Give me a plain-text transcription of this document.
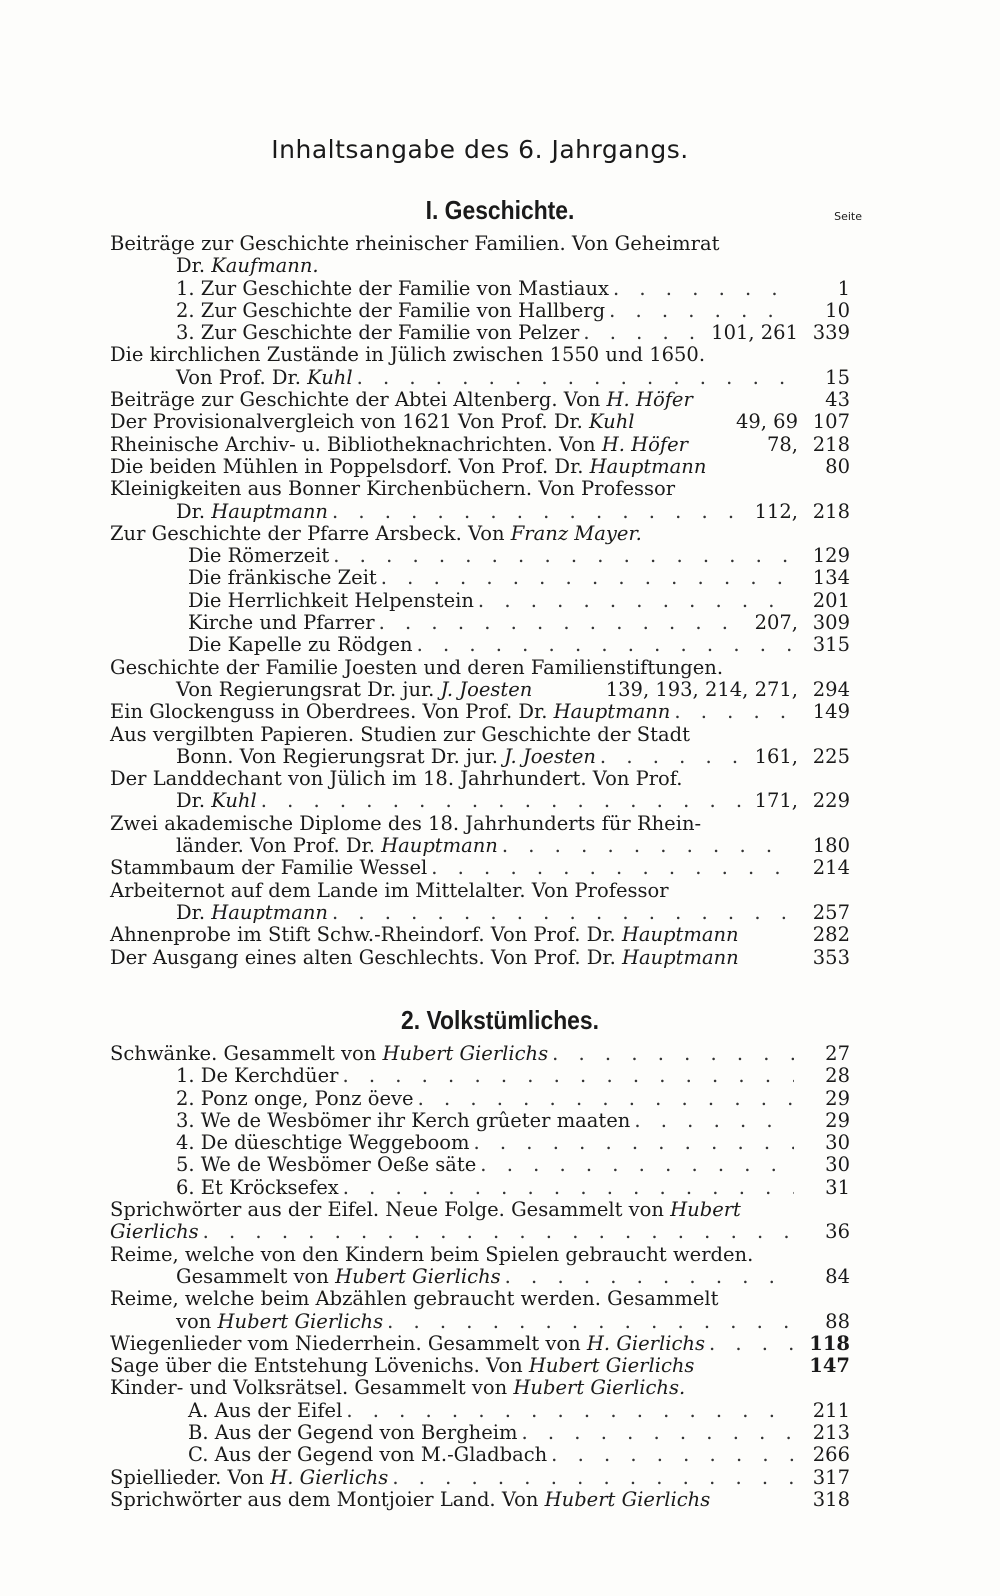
Inhaltsangabe des 6. Jahrgangs.
I. Geschichte.	Seite
Beiträge zur Geschichte rheinischer Familien. Von Geheimrat
Dr. Kaufmann.
1. Zur Geschichte der Familie von Mastiaux . . .	1
2. Zur Geschichte der Familie von Hallberg . . .	10
3. Zur Geschichte der Familie von Pelzer . . .	101, 261 339
Die kirchlichen Zustände in Jülich zwischen 1550 und 1650.
Von Prof. Dr. Kuhl . . .	15
Beiträge zur Geschichte der Abtei Altenberg. Von H. Höfer	43
Der Provisionalvergleich von 1621 Von Prof. Dr. Kuhl	49, 69 107
Rheinische Archiv- u. Bibliotheknachrichten. Von H. Höfer	78, 218
Die beiden Mühlen in Poppelsdorf. Von Prof. Dr. Hauptmann	80
Kleinigkeiten aus Bonner Kirchenbüchern. Von Professor
Dr. Hauptmann . . .	112, 218
Zur Geschichte der Pfarre Arsbeck. Von Franz Mayer.
Die Römerzeit . . .	129
Die fränkische Zeit . . .	134
Die Herrlichkeit Helpenstein . . .	201
Kirche und Pfarrer . . .	207, 309
Die Kapelle zu Rödgen . . .	315
Geschichte der Familie Joesten und deren Familienstiftungen.
Von Regierungsrat Dr. jur. J. Joesten	139, 193, 214, 271, 294
Ein Glockenguss in Oberdrees. Von Prof. Dr. Hauptmann . . .	149
Aus vergilbten Papieren. Studien zur Geschichte der Stadt
Bonn. Von Regierungsrat Dr. jur. J. Joesten . . .	161, 225
Der Landdechant von Jülich im 18. Jahrhundert. Von Prof.
Dr. Kuhl . . .	171, 229
Zwei akademische Diplome des 18. Jahrhunderts für Rhein-
länder. Von Prof. Dr. Hauptmann . . .	180
Stammbaum der Familie Wessel . . .	214
Arbeiternot auf dem Lande im Mittelalter. Von Professor
Dr. Hauptmann . . .	257
Ahnenprobe im Stift Schw.-Rheindorf. Von Prof. Dr. Hauptmann	282
Der Ausgang eines alten Geschlechts. Von Prof. Dr. Hauptmann	353
2. Volkstümliches.
Schwänke. Gesammelt von Hubert Gierlichs . . .	27
1. De Kerchdüer . . .	28
2. Ponz onge, Ponz öeve . . .	29
3. We de Wesbömer ihr Kerch grûeter maaten . . .	29
4. De düeschtige Weggeboom . . .	30
5. We de Wesbömer Oeße säte . . .	30
6. Et Kröcksefex . . .	31
Sprichwörter aus der Eifel. Neue Folge. Gesammelt von Hubert
Gierlichs . . .	36
Reime, welche von den Kindern beim Spielen gebraucht werden.
Gesammelt von Hubert Gierlichs . . .	84
Reime, welche beim Abzählen gebraucht werden. Gesammelt
von Hubert Gierlichs . . .	88
Wiegenlieder vom Niederrhein. Gesammelt von H. Gierlichs . . .	118
Sage über die Entstehung Lövenichs. Von Hubert Gierlichs	147
Kinder- und Volksrätsel. Gesammelt von Hubert Gierlichs.
A. Aus der Eifel . . .	211
B. Aus der Gegend von Bergheim . . .	213
C. Aus der Gegend von M.-Gladbach . . .	266
Spiellieder. Von H. Gierlichs . . .	317
Sprichwörter aus dem Montjoier Land. Von Hubert Gierlichs	318
